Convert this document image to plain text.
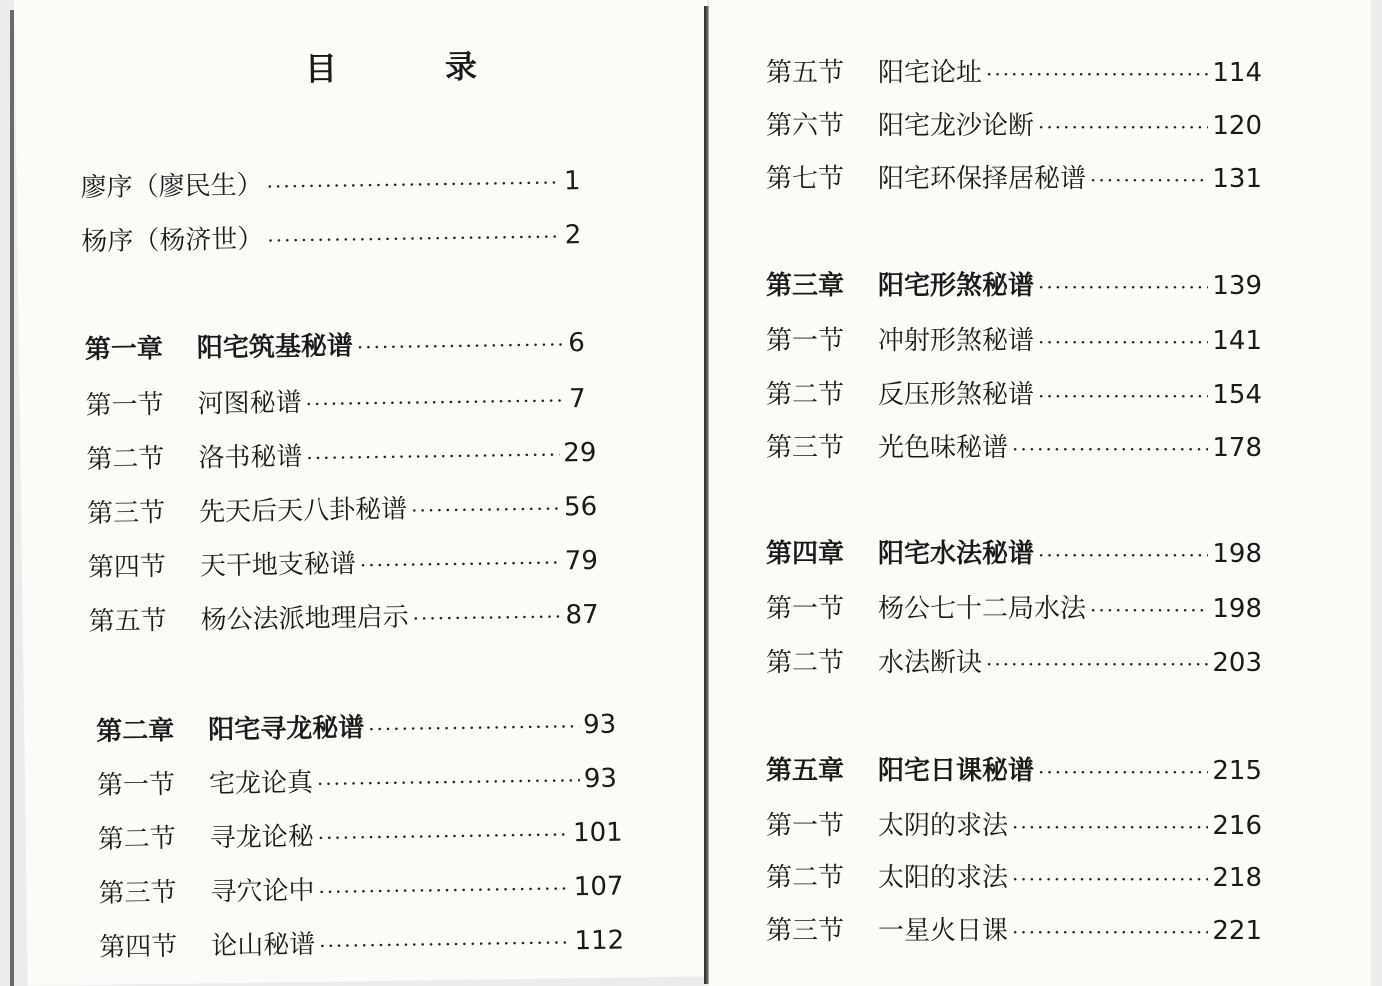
目　录
廖序（廖民生） ·····	1
杨序（杨济世） ·····	2
第一章 阳宅筑基秘谱 ·····	6
第一节 河图秘谱 ·····	7
第二节 洛书秘谱 ·····	29
第三节 先天后天八卦秘谱 ·····	56
第四节 天干地支秘谱 ·····	79
第五节 杨公法派地理启示 ·····	87
第二章 阳宅寻龙秘谱 ·····	93
第一节 宅龙论真 ·····	93
第二节 寻龙论秘 ·····	101
第三节 寻穴论中 ·····	107
第四节 论山秘谱 ·····	112
第五节 阳宅论址 ·····	114
第六节 阳宅龙沙论断 ·····	120
第七节 阳宅环保择居秘谱 ·····	131
第三章 阳宅形煞秘谱 ·····	139
第一节 冲射形煞秘谱 ·····	141
第二节 反压形煞秘谱 ·····	154
第三节 光色味秘谱 ·····	178
第四章 阳宅水法秘谱 ·····	198
第一节 杨公七十二局水法 ·····	198
第二节 水法断诀 ·····	203
第五章 阳宅日课秘谱 ·····	215
第一节 太阴的求法 ·····	216
第二节 太阳的求法 ·····	218
第三节 一星火日课 ·····	221
